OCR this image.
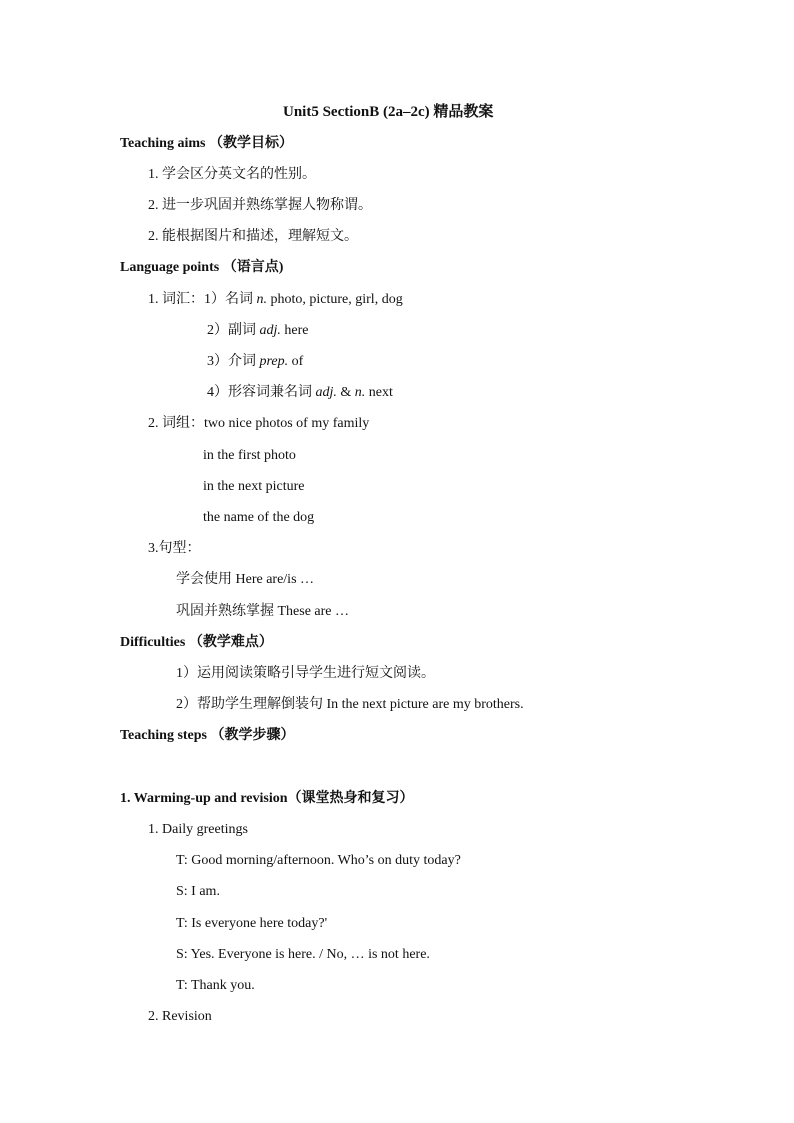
Unit5 SectionB (2a–2c) 精品教案
Teaching aims （教学目标）
1. 学会区分英文名的性别。
2. 进一步巩固并熟练掌握人物称谓。
2. 能根据图片和描述，理解短文。
Language points （语言点)
1. 词汇：1）名词 n. photo, picture, girl, dog
2）副词 adj. here
3）介词 prep. of
4）形容词兼名词 adj. & n. next
2. 词组：two nice photos of my family
in the first photo
in the next picture
the name of the dog
3.句型：
学会使用 Here are/is …
巩固并熟练掌握 These are …
Difficulties （教学难点）
1）运用阅读策略引导学生进行短文阅读。
2）帮助学生理解倒装句 In the next picture are my brothers.
Teaching steps （教学步骤）
1. Warming-up and revision（课堂热身和复习）
1. Daily greetings
T: Good morning/afternoon. Who’s on duty today?
S: I am.
T: Is everyone here today?'
S: Yes. Everyone is here. / No, … is not here.
T: Thank you.
2. Revision
